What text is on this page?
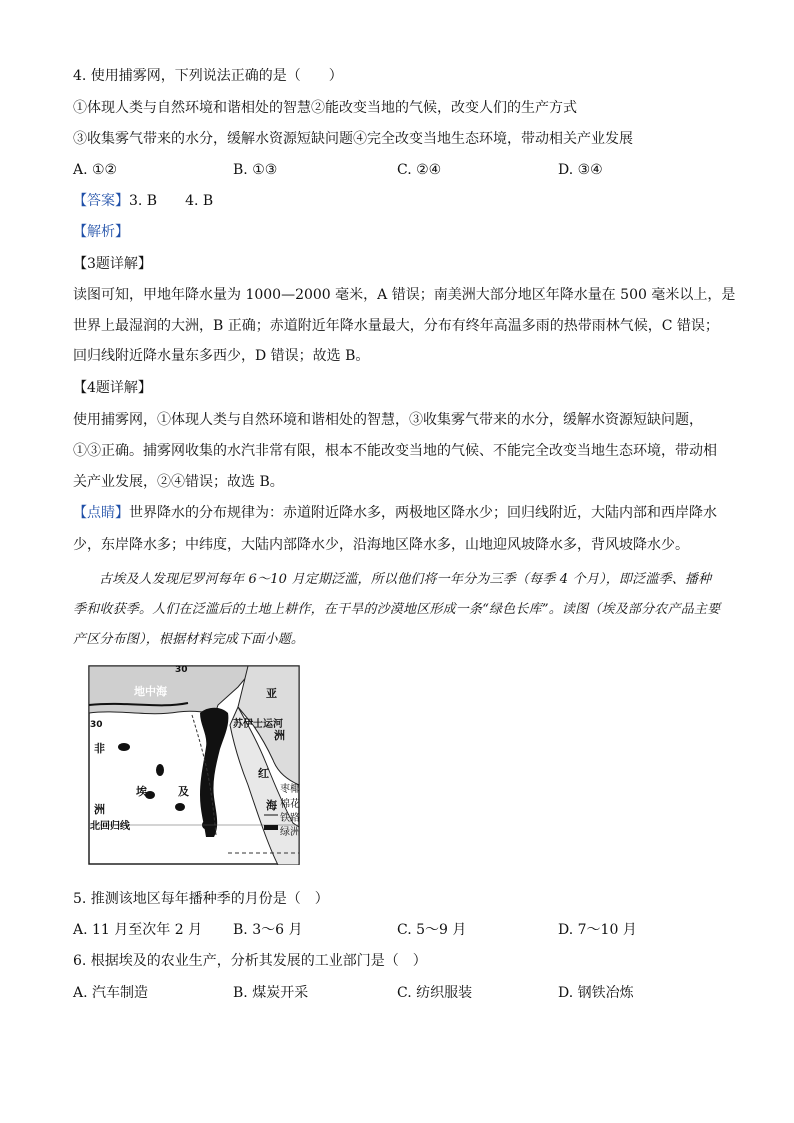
4. 使用捕雾网，下列说法正确的是（　　）
①体现人类与自然环境和谐相处的智慧②能改变当地的气候，改变人们的生产方式
③收集雾气带来的水分，缓解水资源短缺问题④完全改变当地生态环境，带动相关产业发展
A. ①②	B. ①③	C. ②④	D. ③④
【答案】3. B　　4. B
【解析】
【3题详解】
读图可知，甲地年降水量为 1000—2000 毫米，A 错误；南美洲大部分地区年降水量在 500 毫米以上，是
世界上最湿润的大洲，B 正确；赤道附近年降水量最大，分布有终年高温多雨的热带雨林气候，C 错误；
回归线附近降水量东多西少，D 错误；故选 B。
【4题详解】
使用捕雾网，①体现人类与自然环境和谐相处的智慧，③收集雾气带来的水分，缓解水资源短缺问题，
①③正确。捕雾网收集的水汽非常有限，根本不能改变当地的气候、不能完全改变当地生态环境，带动相
关产业发展，②④错误；故选 B。
【点睛】世界降水的分布规律为：赤道附近降水多，两极地区降水少；回归线附近，大陆内部和西岸降水
少，东岸降水多；中纬度，大陆内部降水少，沿海地区降水多，山地迎风坡降水多，背风坡降水少。
古埃及人发现尼罗河每年 6～10 月定期泛滥，所以他们将一年分为三季（每季 4 个月），即泛滥季、播种季和收获季。人们在泛滥后的土地上耕作，在干旱的沙漠地区形成一条“绿色长库”。读图（埃及部分农产品主要产区分布图），根据材料完成下面小题。
地中海
30
30
亚
洲
苏伊士运河
非
洲
埃	及
红
海
北回归线
枣椰
棉花
铁路
绿洲
5. 推测该地区每年播种季的月份是（　）
A. 11 月至次年 2 月 B. 3～6 月	C. 5～9 月	D. 7～10 月
6. 根据埃及的农业生产，分析其发展的工业部门是（　）
A. 汽车制造	B. 煤炭开采	C. 纺织服装	D. 钢铁冶炼
